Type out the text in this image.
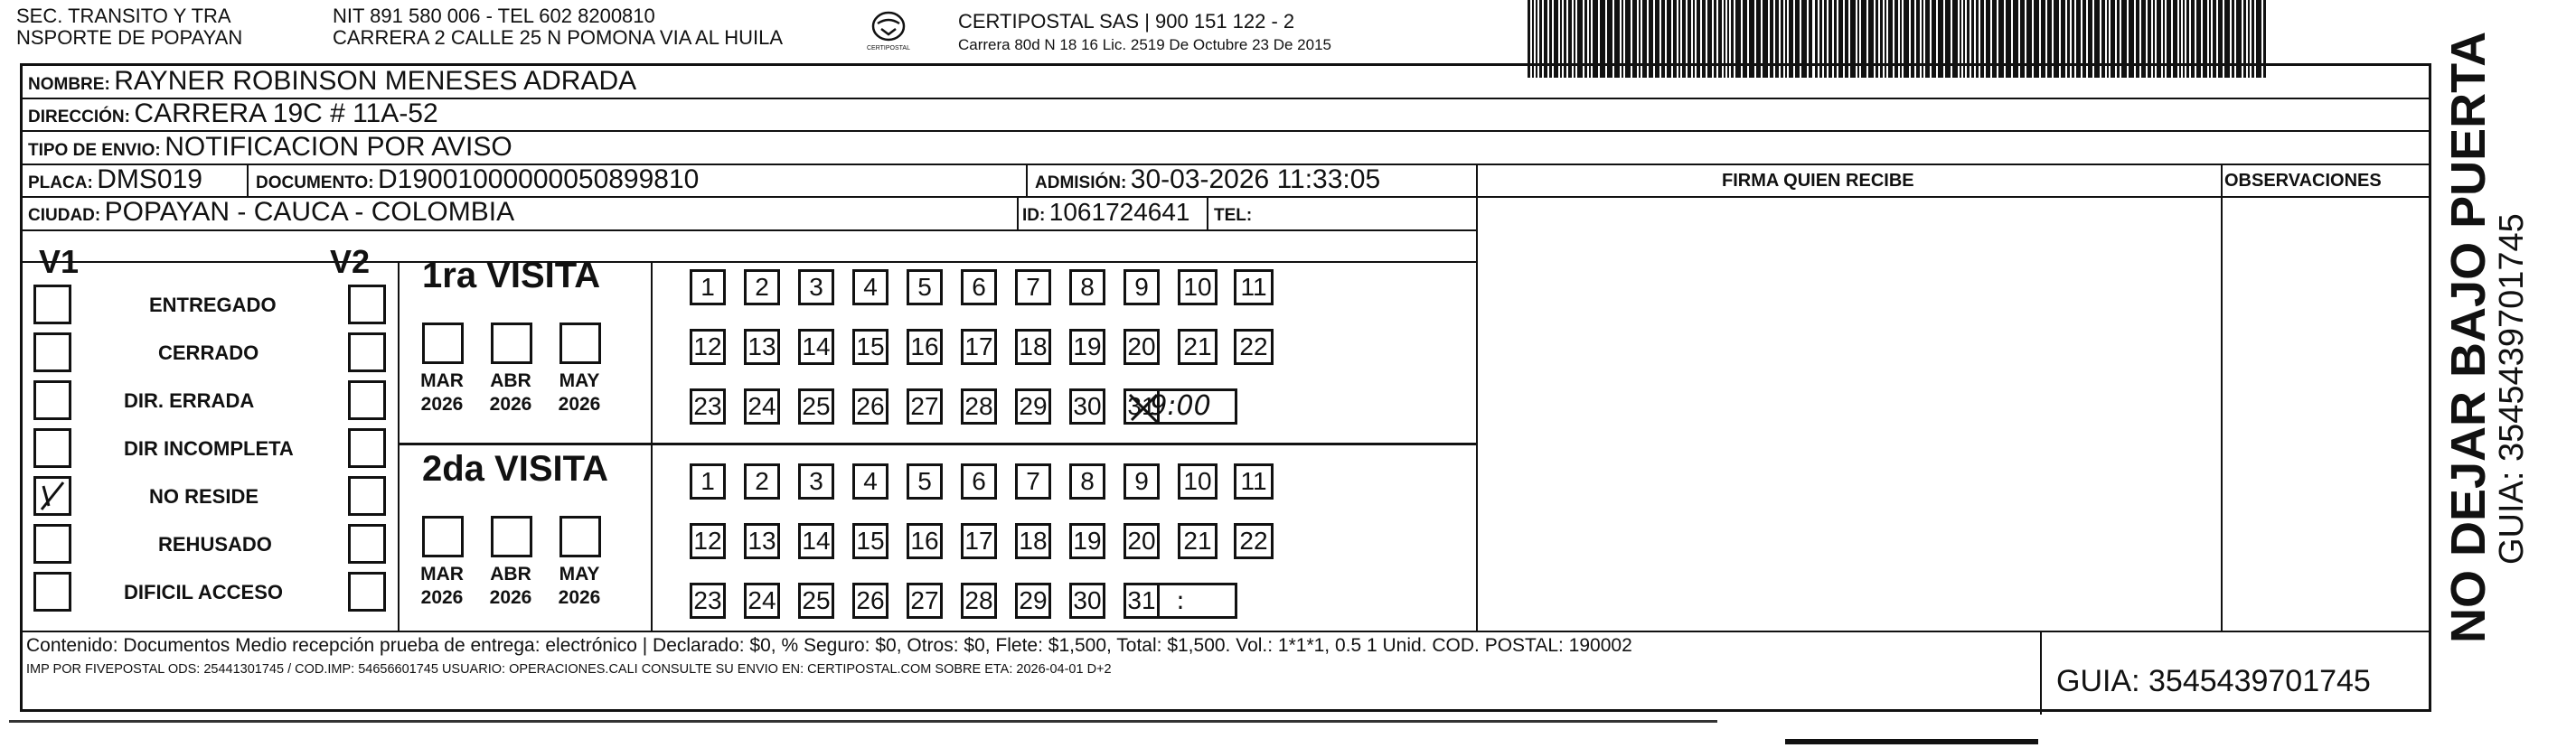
SEC. TRANSITO Y TRA
NSPORTE DE POPAYAN
NIT 891 580 006 - TEL 602 8200810
CARRERA 2 CALLE 25 N POMONA VIA AL HUILA	CERTIPOSTAL
CERTIPOSTAL SAS | 900 151 122 - 2
Carrera 80d N 18 16 Lic. 2519 De Octubre 23 De 2015
NOMBRE: RAYNER ROBINSON MENESES ADRADA
DIRECCIÓN: CARRERA 19C # 11A-52
TIPO DE ENVIO: NOTIFICACION POR AVISO
PLACA: DMS019	DOCUMENTO: D19001000000050899810	ADMISIÓN: 30-03-2026 11:33:05
CIUDAD: POPAYAN - CAUCA - COLOMBIA	ID: 1061724641 TEL:
FIRMA QUIEN RECIBE	OBSERVACIONES
V1	V2
ENTREGADO
CERRADO
DIR. ERRADA
DIR INCOMPLETA
NO RESIDE
REHUSADO
DIFICIL ACCESO
1ra VISITA
MAR
2026
ABR
2026
MAY
2026
1	2	3	4	5	6	7	8	9	10 11
12 13 14 15 16 17 18 19 20 21 22
23 24 25 26 27 28 29 30 31
9:00
2da VISITA
MAR
2026
ABR
2026
MAY
2026
1	2	3	4	5	6	7	8	9	10 11
12 13 14 15 16 17 18 19 20 21 22
23 24 25 26 27 28 29 30 31 :
Contenido: Documentos Medio recepción prueba de entrega: electrónico | Declarado: $0, % Seguro: $0, Otros: $0, Flete: $1,500, Total: $1,500. Vol.: 1*1*1, 0.5 1 Unid. COD. POSTAL: 190002
IMP POR FIVEPOSTAL ODS: 25441301745 / COD.IMP: 54656601745 USUARIO: OPERACIONES.CALI CONSULTE SU ENVIO EN: CERTIPOSTAL.COM SOBRE ETA: 2026-04-01 D+2	GUIA: 3545439701745
NO DEJAR BAJO PUERTA
GUIA: 3545439701745
